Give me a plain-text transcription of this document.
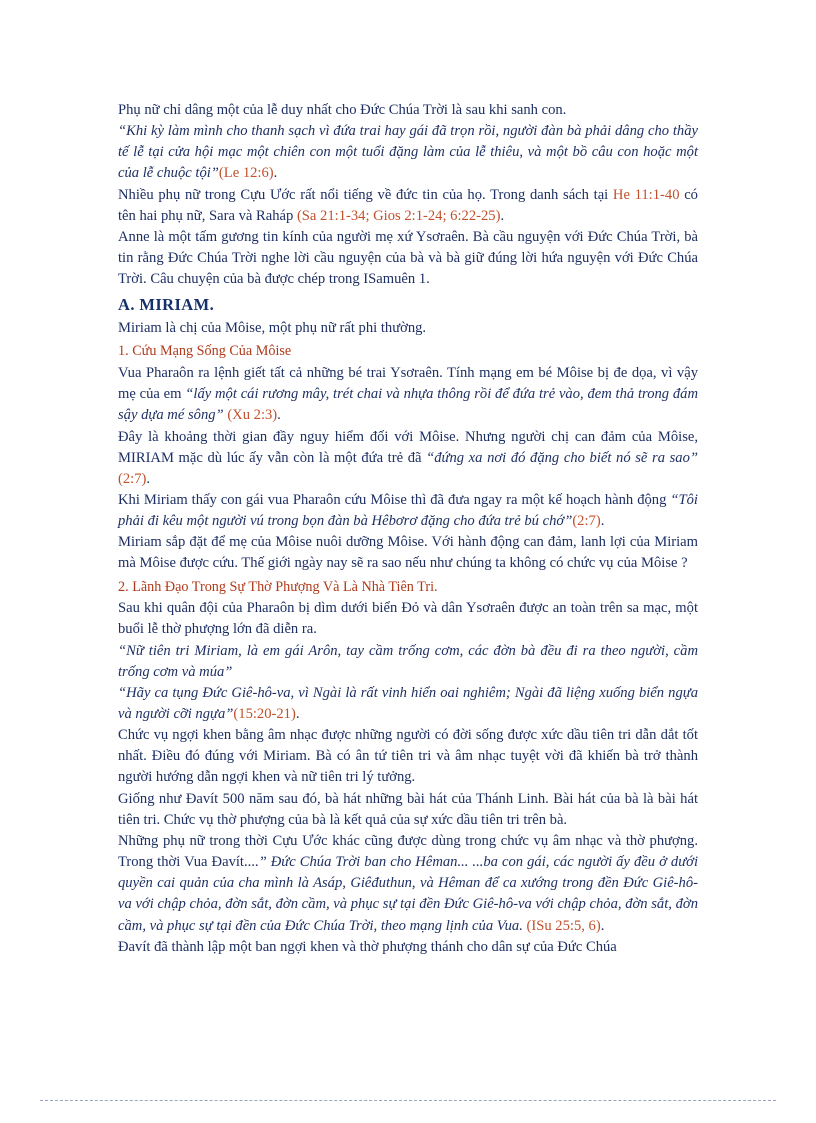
Phụ nữ chỉ dâng một của lễ duy nhất cho Đức Chúa Trời là sau khi sanh con.

“Khi kỳ làm mình cho thanh sạch vì đứa trai hay gái đã trọn rồi, người đàn bà phải dâng cho thầy tế lễ tại cửa hội mạc một chiên con một tuổi đặng làm của lễ thiêu, và một bồ câu con hoặc một của lễ chuộc tội”(Le 12:6).

Nhiều phụ nữ trong Cựu Ước rất nổi tiếng về đức tin của họ. Trong danh sách tại He 11:1-40 có tên hai phụ nữ, Sara và Raháp (Sa 21:1-34; Gios 2:1-24; 6:22-25).

Anne là một tấm gương tin kính của người mẹ xứ Ysơraên. Bà cầu nguyện với Đức Chúa Trời, bà tin rằng Đức Chúa Trời nghe lời cầu nguyện của bà và bà giữ đúng lời hứa nguyện với Đức Chúa Trời. Câu chuyện của bà được chép trong ISamuên 1.

A. MIRIAM.

Miriam là chị của Môise, một phụ nữ rất phi thường.

1. Cứu Mạng Sống Của Môise

Vua Pharaôn ra lệnh giết tất cả những bé trai Ysơraên. Tính mạng em bé Môise bị đe dọa, vì vậy mẹ của em “lấy một cái rương mây, trét chai và nhựa thông rồi để đứa trẻ vào, đem thả trong đám sậy dựa mé sông” (Xu 2:3).

Đây là khoảng thời gian đầy nguy hiểm đối với Môise. Nhưng người chị can đảm của Môise, MIRIAM mặc dù lúc ấy vẫn còn là một đứa trẻ đã “đứng xa nơi đó đặng cho biết nó sẽ ra sao” (2:7).

Khi Miriam thấy con gái vua Pharaôn cứu Môise thì đã đưa ngay ra một kế hoạch hành động “Tôi phải đi kêu một người vú trong bọn đàn bà Hêbơrơ đặng cho đứa trẻ bú chớ”(2:7).

Miriam sắp đặt để mẹ của Môise nuôi dưỡng Môise. Với hành động can đảm, lanh lợi của Miriam mà Môise được cứu. Thế giới ngày nay sẽ ra sao nếu như chúng ta không có chức vụ của Môise ?

2. Lãnh Đạo Trong Sự Thờ Phượng Và Là Nhà Tiên Tri.

Sau khi quân đội của Pharaôn bị dìm dưới biển Đỏ và dân Ysơraên được an toàn trên sa mạc, một buổi lễ thờ phượng lớn đã diễn ra.

“Nữ tiên tri Miriam, là em gái Arôn, tay cầm trống cơm, các đờn bà đều đi ra theo người, cầm trống cơm và múa”

“Hãy ca tụng Đức Giê-hô-va, vì Ngài là rất vinh hiển oai nghiêm; Ngài đã liệng xuống biển ngựa và người cỡi ngựa”(15:20-21).

Chức vụ ngợi khen bằng âm nhạc được những người có đời sống được xức dầu tiên tri dẫn dắt tốt nhất. Điều đó đúng với Miriam. Bà có ân tứ tiên tri và âm nhạc tuyệt vời đã khiến bà trở thành người hướng dẫn ngợi khen và nữ tiên tri lý tưởng.

Giống như Đavít 500 năm sau đó, bà hát những bài hát của Thánh Linh. Bài hát của bà là bài hát tiên tri. Chức vụ thờ phượng của bà là kết quả của sự xức dầu tiên tri trên bà.

Những phụ nữ trong thời Cựu Ước khác cũng được dùng trong chức vụ âm nhạc và thờ phượng. Trong thời Vua Đavít....” Đức Chúa Trời ban cho Hêman... ...ba con gái, các người ấy đều ở dưới quyền cai quản của cha mình là Asáp, Giêđuthun, và Hêman để ca xướng trong đền Đức Giê-hô-va với chập chỏa, đờn sắt, đờn cầm, và phục sự tại đền Đức Giê-hô-va với chập chỏa, đờn sắt, đờn cầm, và phục sự tại đền của Đức Chúa Trời, theo mạng lịnh của Vua. (ISu 25:5, 6).

Đavít đã thành lập một ban ngợi khen và thờ phượng thánh cho dân sự của Đức Chúa
